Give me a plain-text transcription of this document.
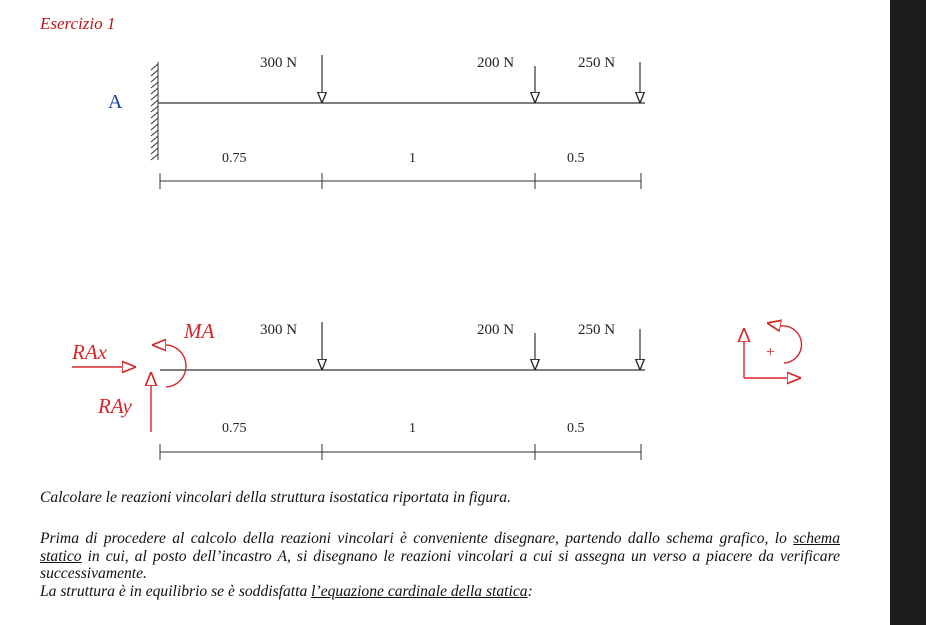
Esercizio 1
A
300 N	200 N	250 N
0.75	1	0.5
300 N	200 N	250 N
RAx
RAy
MA
0.75	1	0.5
+
Calcolare le reazioni vincolari della struttura isostatica riportata in figura.
Prima di procedere al calcolo della reazioni vincolari è conveniente disegnare, partendo dallo schema grafico, lo schema statico in cui, al posto dell’incastro A, si disegnano le reazioni vincolari a cui si assegna un verso a piacere da verificare successivamente.
La struttura è in equilibrio se è soddisfatta l’equazione cardinale della statica:
